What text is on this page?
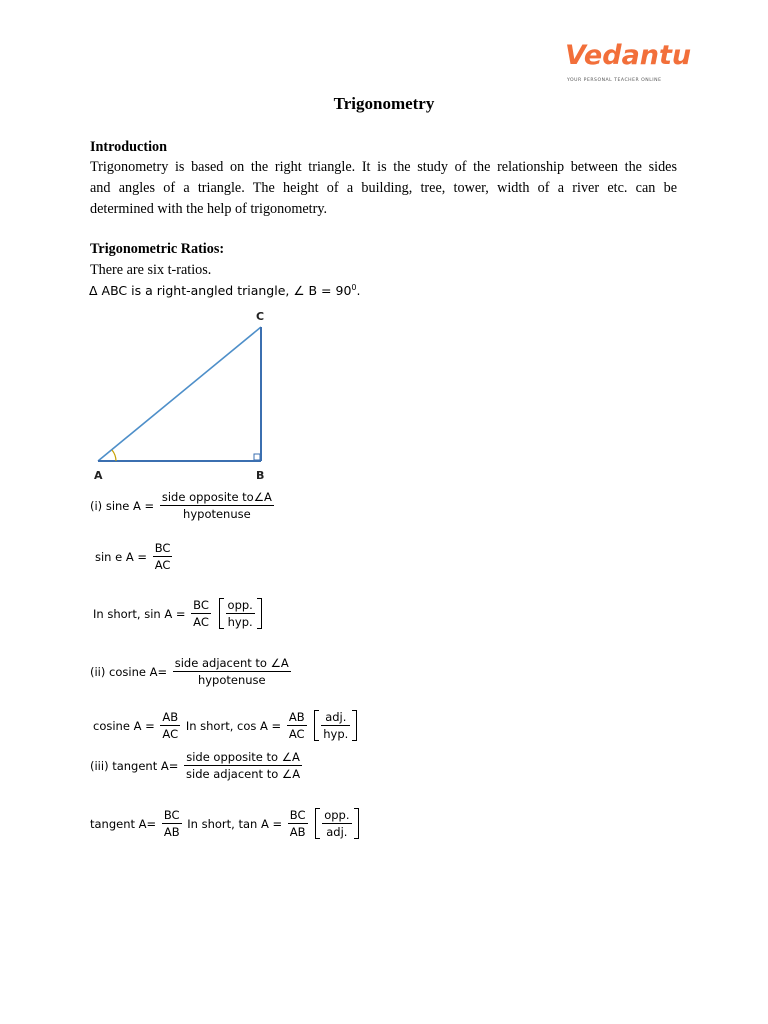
Vedantu
YOUR PERSONAL TEACHER ONLINE
Trigonometry
Introduction
Trigonometry is based on the right triangle. It is the study of the relationship between the sides
and angles of a triangle. The height of a building, tree, tower, width of a river etc. can be
determined with the help of trigonometry.
Trigonometric Ratios:
There are six t-ratios.
Δ ABC is a right-angled triangle, ∠ $B = 90^0$.
A	B
C
(i) sine $A = \frac{\text{side opposite to∠A}}{\text{hypotenuse}}$
sin e $A = \frac{BC}{AC}$
In short, $\sin A = \frac{BC}{AC}$
$\frac{\text{opp.}}{\text{hyp.}}$
(ii) cosine $A= \frac{\text{side adjacent to ∠A}}{\text{hypotenuse}}$
cosine $A = \frac{AB}{AC}$ In short, $\cos A = \frac{AB}{AC}$
$\frac{\text{adj.}}{\text{hyp.}}$
(iii) tangent $A= \frac{\text{side opposite to ∠A}}{\text{side adjacent to ∠A}}$
tangent $A= \frac{BC}{AB}$ In short, $\tan A = \frac{BC}{AB}$
$\frac{\text{opp.}}{\text{adj.}}$
